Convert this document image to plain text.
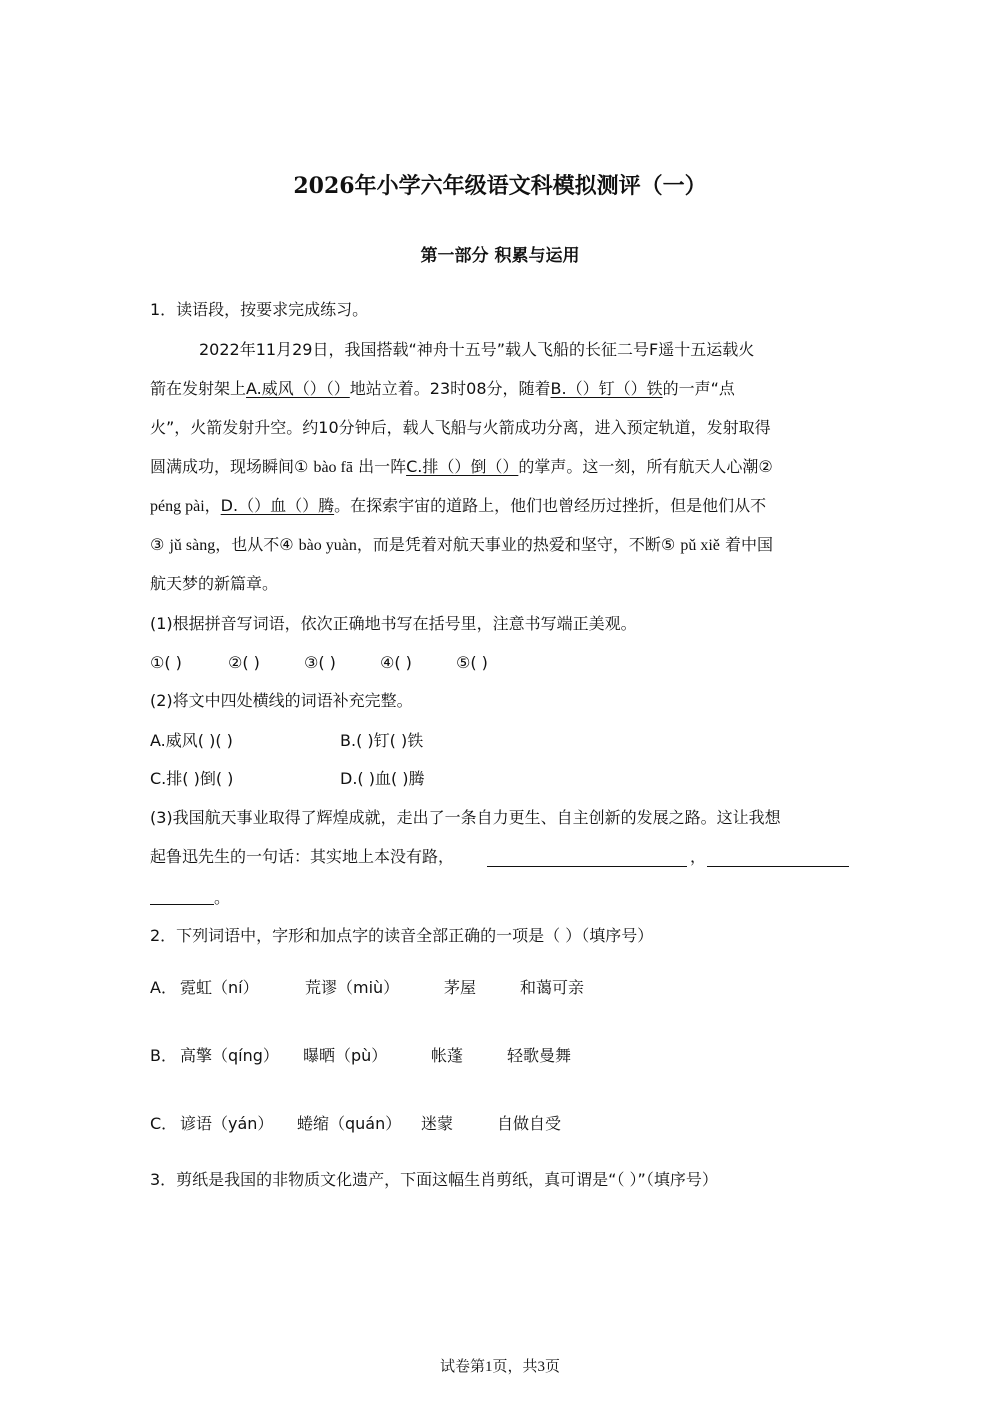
2026年小学六年级语文科模拟测评（一）
第一部分 积累与运用
1．读语段，按要求完成练习。
2022年11月29日，我国搭载“神舟十五号”载人飞船的长征二号F遥十五运载火
箭在发射架上A.威风（）（）地站立着。23时08分，随着B.（）钉（）铁的一声“点
火”，火箭发射升空。约10分钟后，载人飞船与火箭成功分离，进入预定轨道，发射取得
圆满成功，现场瞬间① bào fā 出一阵C.排（）倒（）的掌声。这一刻，所有航天人心潮②
péng pài，D.（）血（）腾。在探索宇宙的道路上，他们也曾经历过挫折，但是他们从不
③ jǔ sàng，也从不④ bào yuàn，而是凭着对航天事业的热爱和坚守，不断⑤ pǔ xiě 着中国
航天梦的新篇章。
(1)根据拼音写词语，依次正确地书写在括号里，注意书写端正美观。
①( )	②( )	③( )	④( )	⑤( )
(2)将文中四处横线的词语补充完整。
A.威风( )( )	B.( )钉( )铁
C.排( )倒( )	D.( )血( )腾
(3)我国航天事业取得了辉煌成就，走出了一条自力更生、自主创新的发展之路。这让我想
起鲁迅先生的一句话：其实地上本没有路，	，
。
2．下列词语中，字形和加点字的读音全部正确的一项是（ ）（填序号）
A． 霓虹（ní）	荒谬（miù）	茅屋	和蔼可亲
B． 高擎（qíng） 曝晒（pù）	帐蓬	轻歌曼舞
C． 谚语（yán） 蜷缩（quán） 迷蒙	自做自受
3．剪纸是我国的非物质文化遗产，下面这幅生肖剪纸，真可谓是“（ ）”（填序号）
试卷第1页，共3页
